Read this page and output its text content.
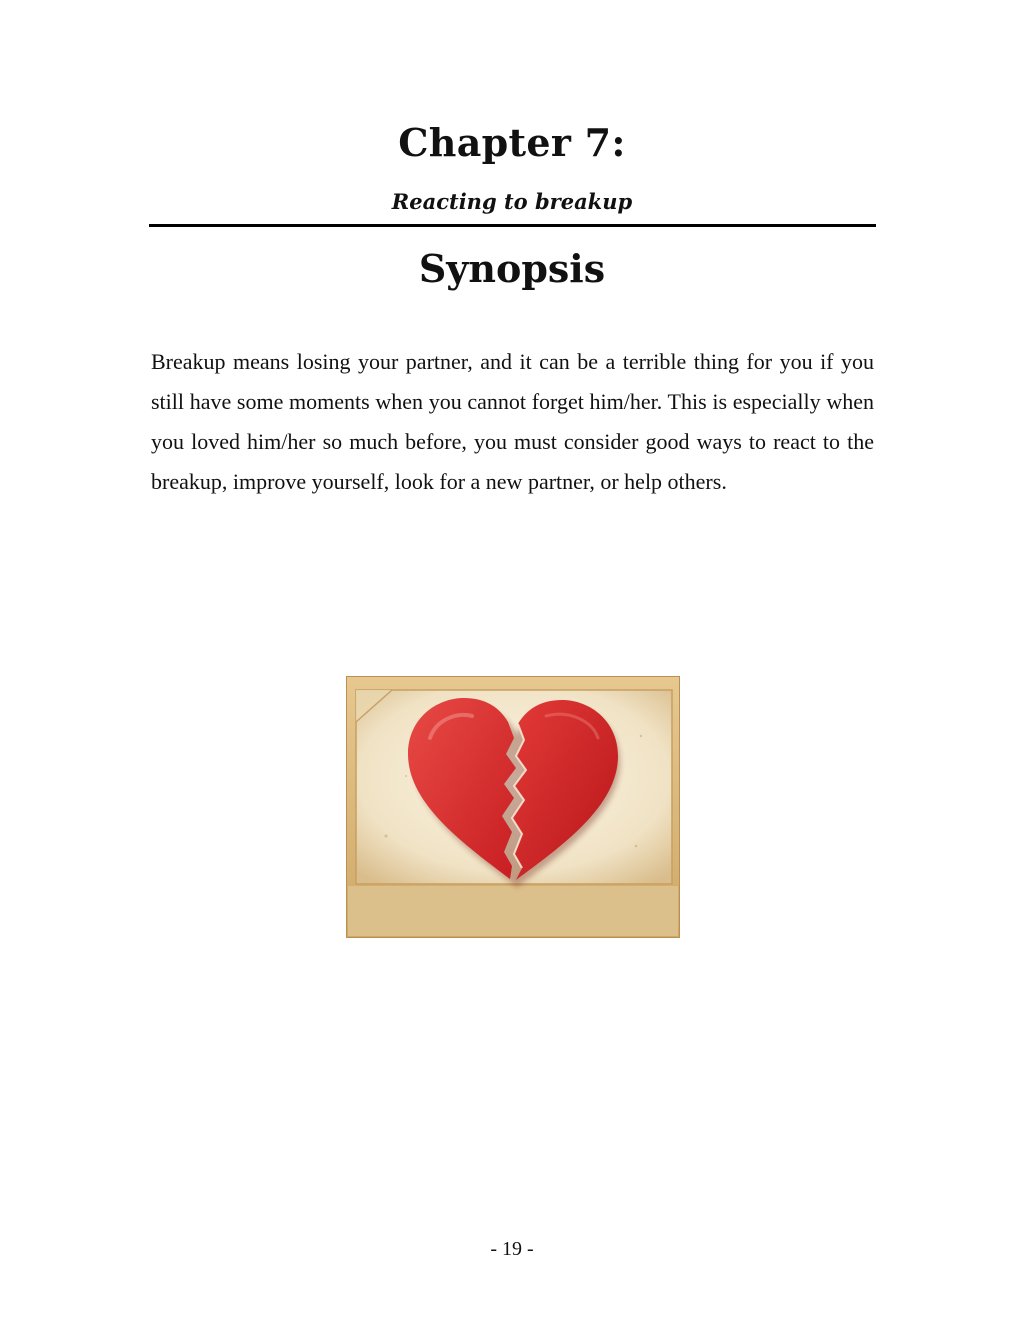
Chapter 7:
Reacting to breakup
Synopsis

Breakup means losing your partner, and it can be a terrible thing for you if you still have some moments when you cannot forget him/her. This is especially when you loved him/her so much before, you must consider good ways to react to the breakup, improve yourself, look for a new partner, or help others.

- 19 -
